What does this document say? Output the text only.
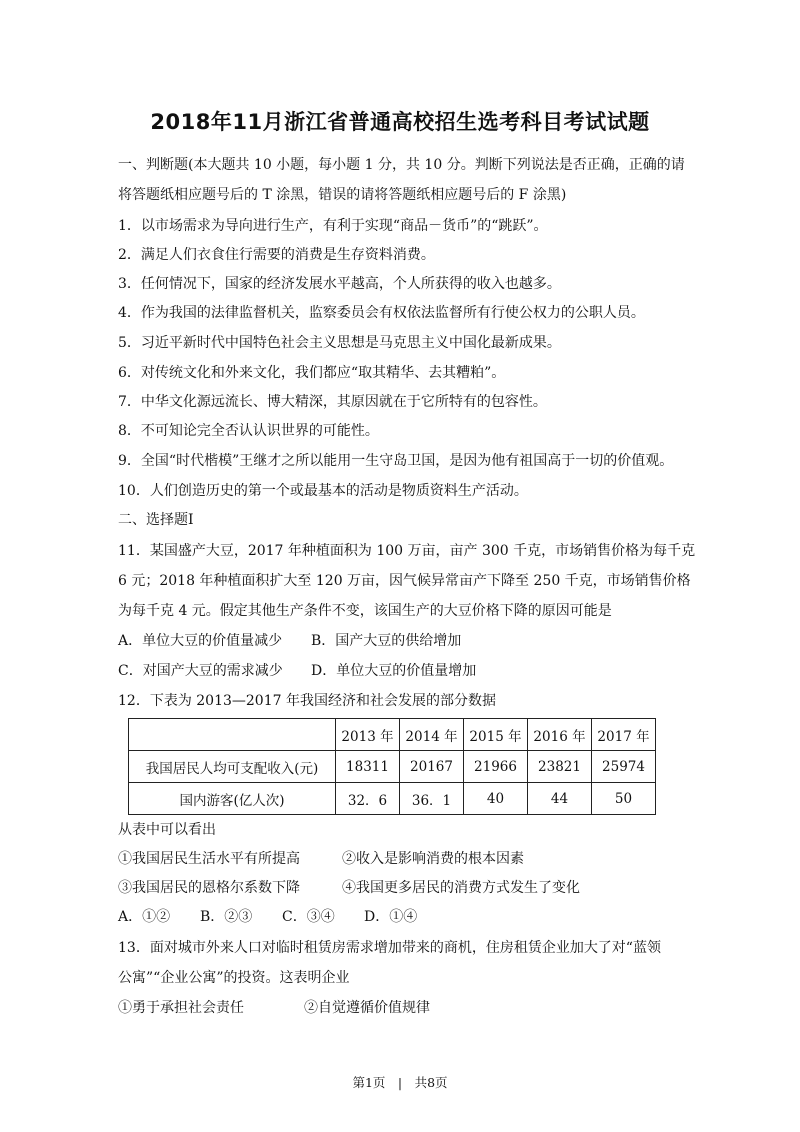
2018年11月浙江省普通高校招生选考科目考试试题
一、判断题(本大题共 10 小题，每小题 1 分，共 10 分。判断下列说法是否正确，正确的请
将答题纸相应题号后的 T 涂黑，错误的请将答题纸相应题号后的 F 涂黑)
1．以市场需求为导向进行生产，有利于实现“商品－货币”的“跳跃”。
2．满足人们衣食住行需要的消费是生存资料消费。
3．任何情况下，国家的经济发展水平越高，个人所获得的收入也越多。
4．作为我国的法律监督机关，监察委员会有权依法监督所有行使公权力的公职人员。
5．习近平新时代中国特色社会主义思想是马克思主义中国化最新成果。
6．对传统文化和外来文化，我们都应“取其精华、去其糟粕”。
7．中华文化源远流长、博大精深，其原因就在于它所特有的包容性。
8．不可知论完全否认认识世界的可能性。
9．全国“时代楷模”王继才之所以能用一生守岛卫国，是因为他有祖国高于一切的价值观。
10．人们创造历史的第一个或最基本的活动是物质资料生产活动。
二、选择题Ⅰ
11．某国盛产大豆，2017 年种植面积为 100 万亩，亩产 300 千克，市场销售价格为每千克
6 元；2018 年种植面积扩大至 120 万亩，因气候异常亩产下降至 250 千克，市场销售价格
为每千克 4 元。假定其他生产条件不变，该国生产的大豆价格下降的原因可能是
A．单位大豆的价值量减少 B．国产大豆的供给增加
C．对国产大豆的需求减少 D．单位大豆的价值量增加
12．下表为 2013—2017 年我国经济和社会发展的部分数据
	2013 年	2014 年	2015 年	2016 年	2017 年
我国居民人均可支配收入(元)	18311	20167	21966	23821	25974
国内游客(亿人次)	32．6	36．1	40	44	50
从表中可以看出
①我国居民生活水平有所提高	②收入是影响消费的根本因素
③我国居民的恩格尔系数下降	④我国更多居民的消费方式发生了变化
A．①② B．②③ C．③④ D．①④
13．面对城市外来人口对临时租赁房需求增加带来的商机，住房租赁企业加大了对“蓝领
公寓”“企业公寓”的投资。这表明企业
①勇于承担社会责任	②自觉遵循价值规律
第1页　|　共8页
